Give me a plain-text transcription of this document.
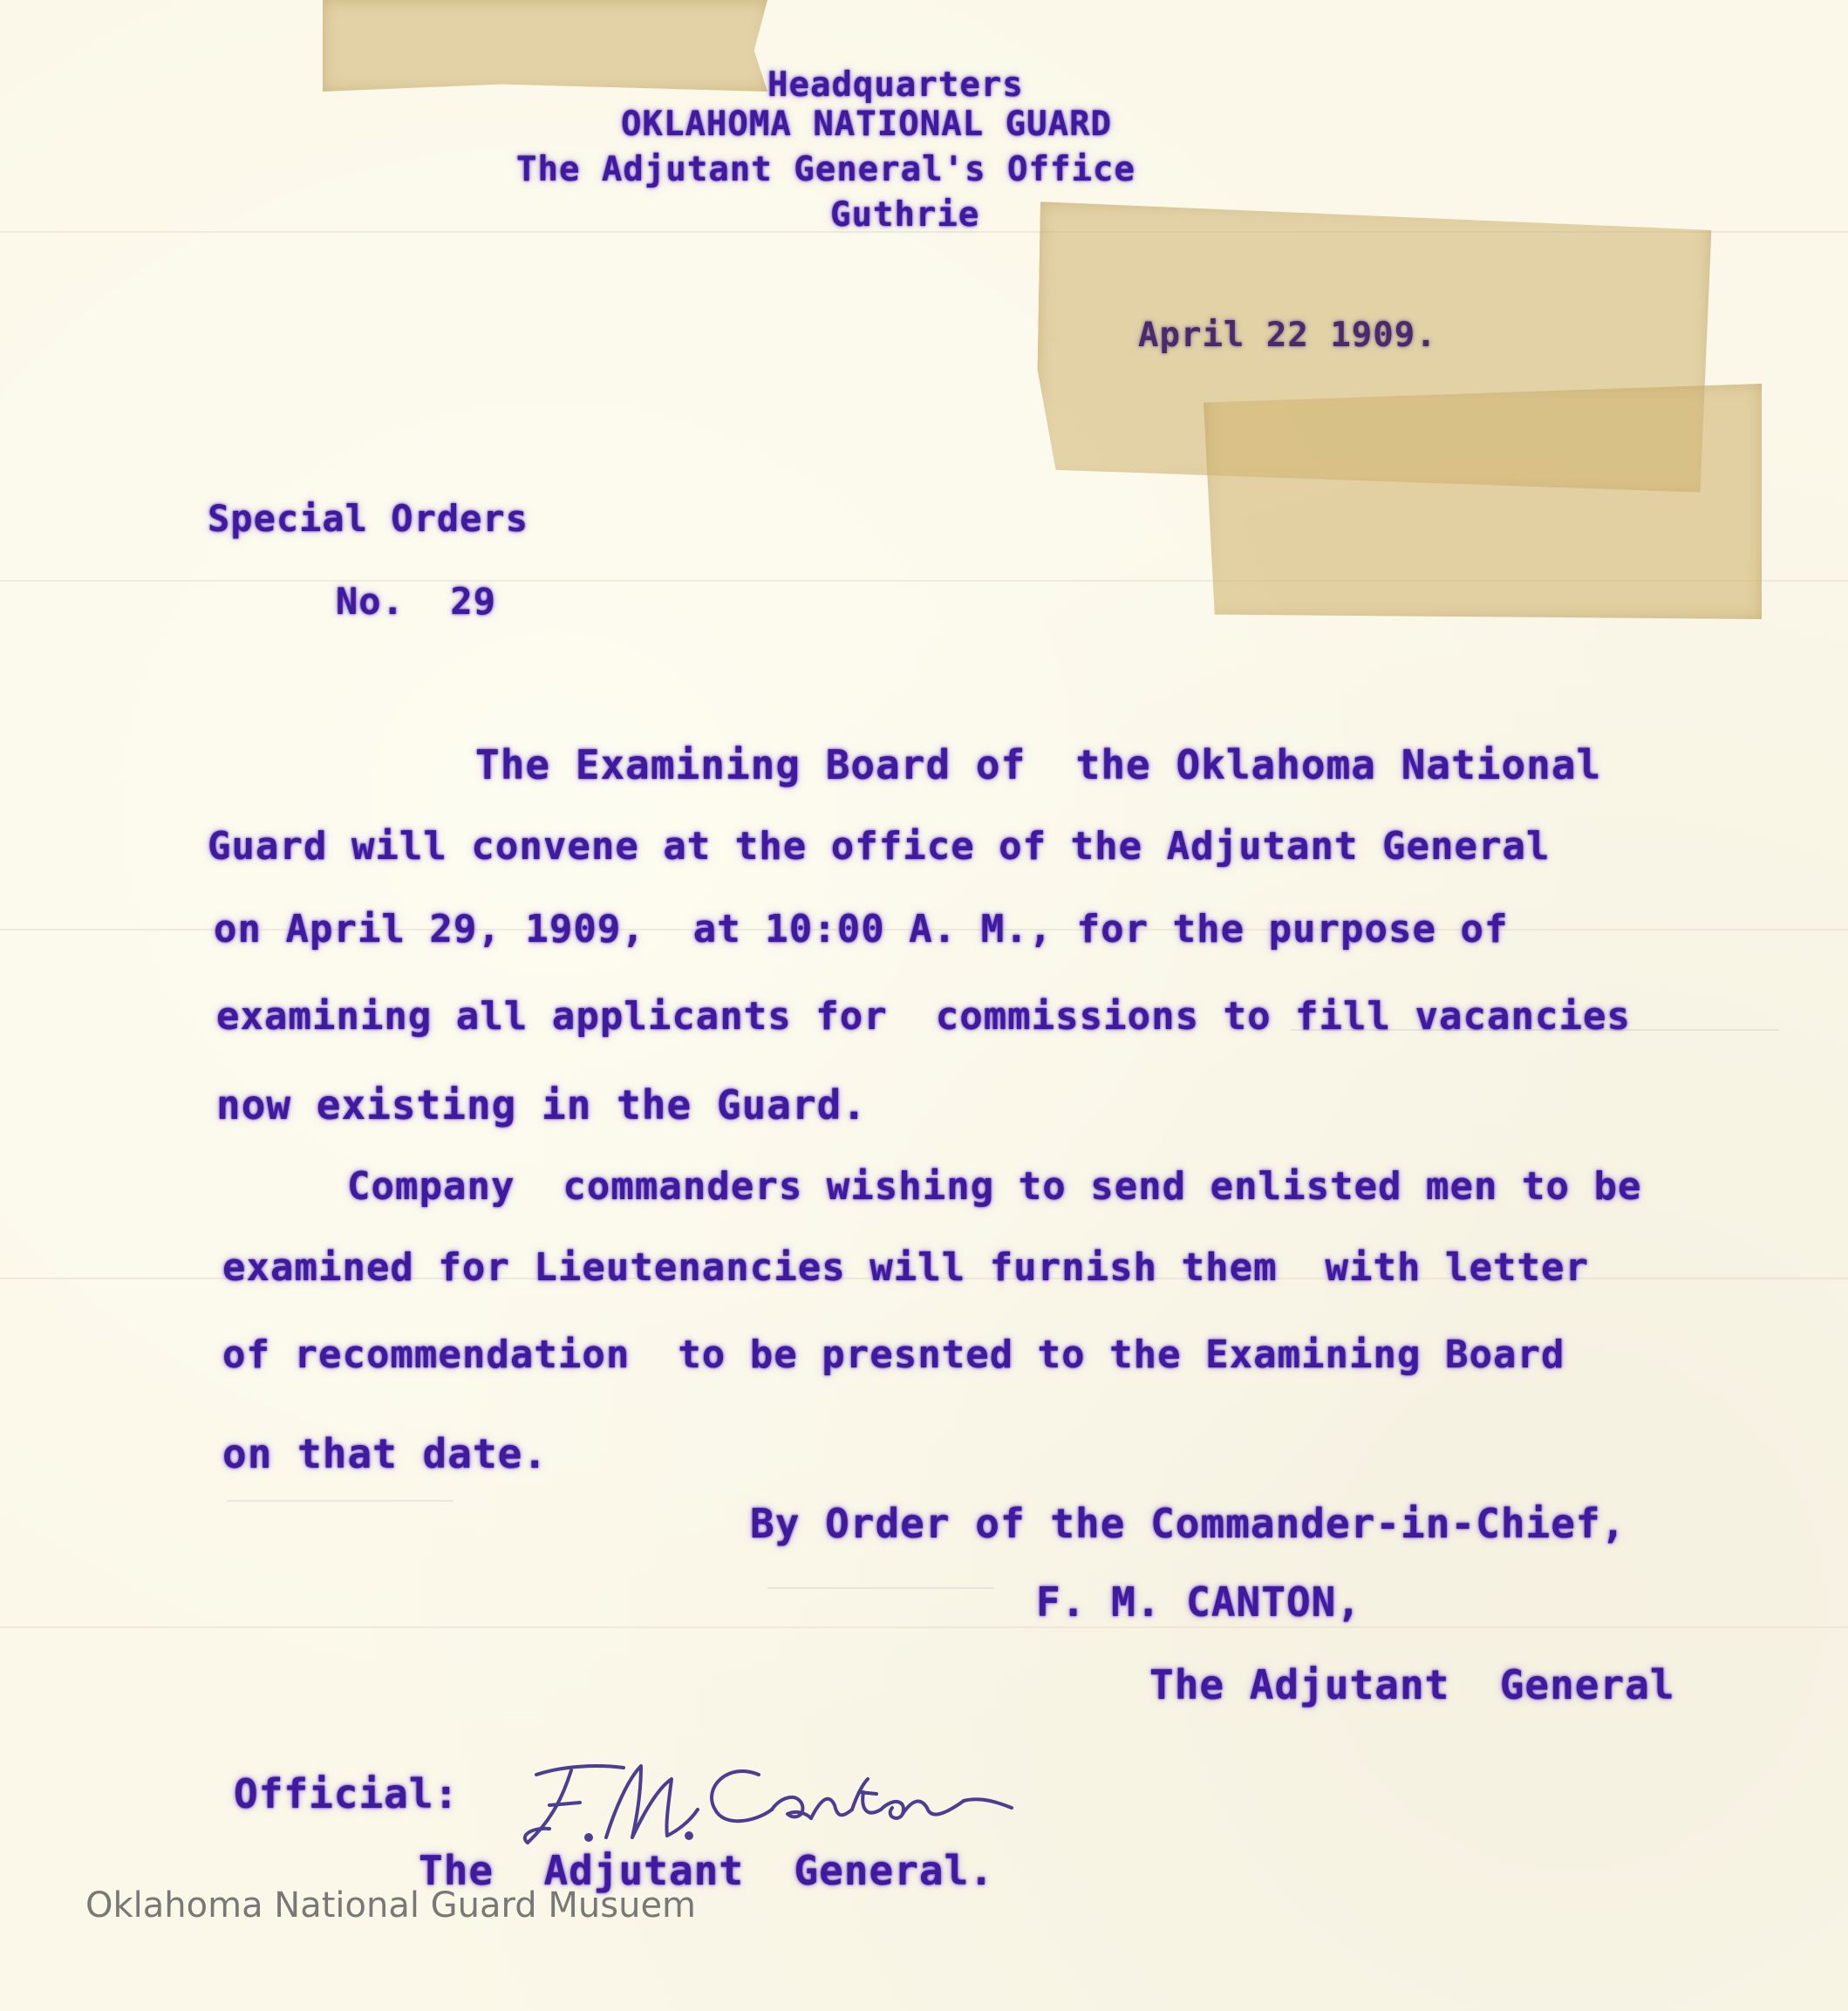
Headquarters
OKLAHOMA NATIONAL GUARD
The Adjutant General's Office
Guthrie
April 22 1909.
Special Orders
No.  29
The Examining Board of  the Oklahoma National
Guard will convene at the office of the Adjutant General
on April 29, 1909,  at 10:00 A. M., for the purpose of
examining all applicants for  commissions to fill vacancies
now existing in the Guard.
Company  commanders wishing to send enlisted men to be
examined for Lieutenancies will furnish them  with letter
of recommendation  to be presnted to the Examining Board
on that date.
By Order of the Commander-in-Chief,
F. M. CANTON,
The Adjutant  General
Official:
The  Adjutant  General.
Oklahoma National Guard Musuem
